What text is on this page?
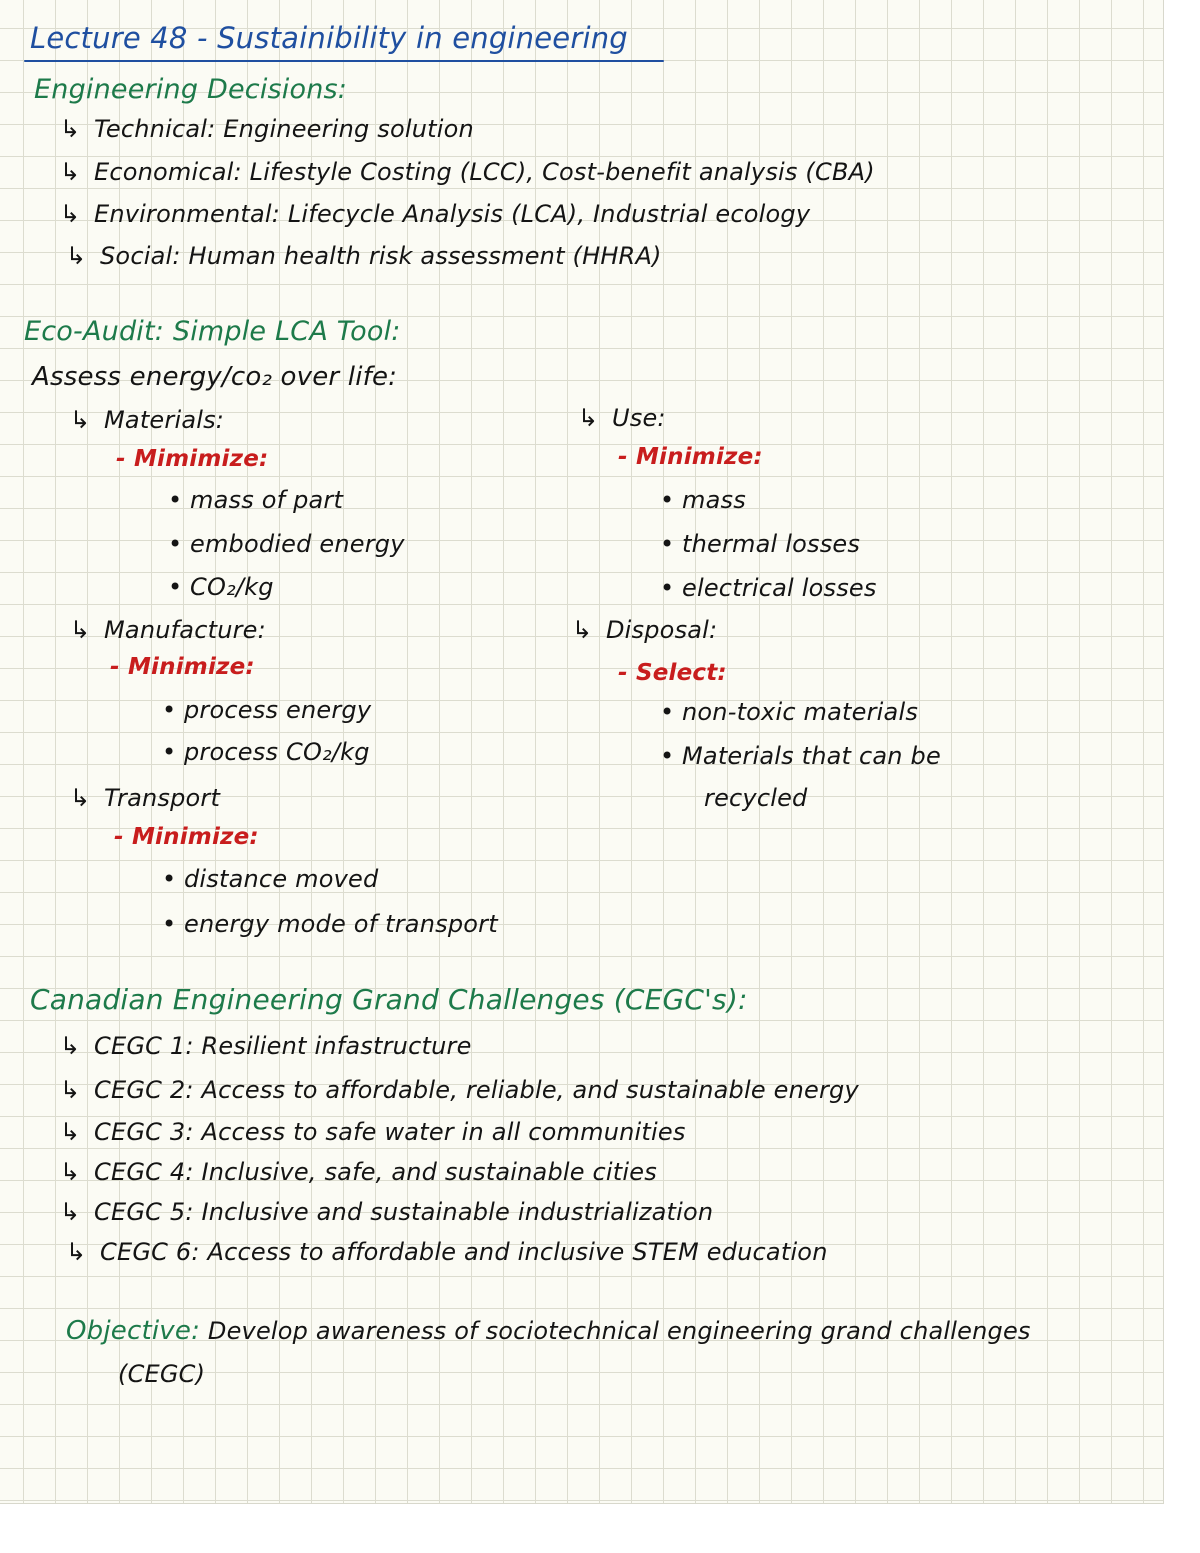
Lecture 48 - Sustainibility in engineering
Engineering Decisions:
↳ Technical: Engineering solution
↳ Economical: Lifestyle Costing (LCC), Cost-benefit analysis (CBA)
↳ Environmental: Lifecycle Analysis (LCA), Industrial ecology
↳ Social: Human health risk assessment (HHRA)
Eco-Audit: Simple LCA Tool:
Assess energy/co₂ over life:
↳ Materials:
- Mimimize:
• mass of part
• embodied energy
• CO₂/kg
↳ Manufacture:
- Minimize:
• process energy
• process CO₂/kg
↳ Transport
- Minimize:
• distance moved
• energy mode of transport
↳ Use:
- Minimize:
• mass
• thermal losses
• electrical losses
↳ Disposal:
- Select:
• non-toxic materials
• Materials that can be
recycled
Canadian Engineering Grand Challenges (CEGC's):
↳ CEGC 1: Resilient infastructure
↳ CEGC 2: Access to affordable, reliable, and sustainable energy
↳ CEGC 3: Access to safe water in all communities
↳ CEGC 4: Inclusive, safe, and sustainable cities
↳ CEGC 5: Inclusive and sustainable industrialization
↳ CEGC 6: Access to affordable and inclusive STEM education
Objective: Develop awareness of sociotechnical engineering grand challenges
(CEGC)
